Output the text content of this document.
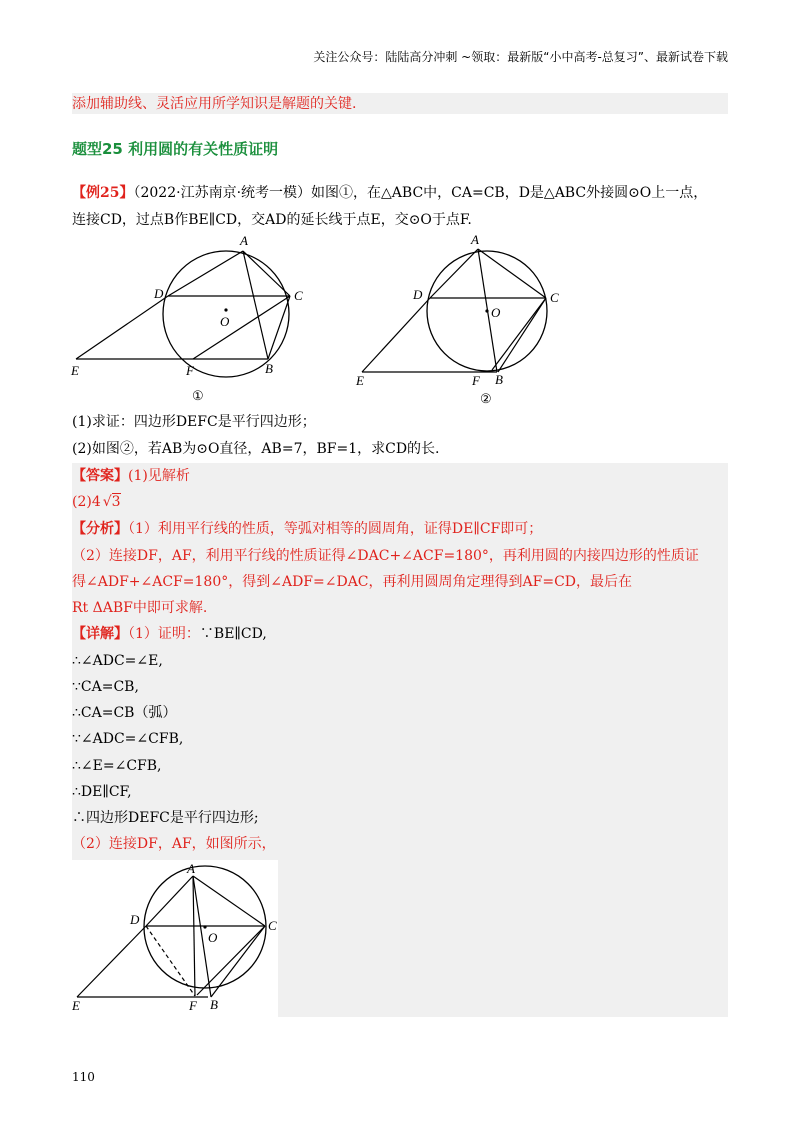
关注公众号：陆陆高分冲刺 ~领取：最新版“小中高考-总复习”、最新试卷下载
添加辅助线、灵活应用所学知识是解题的关键.
题型25 利用圆的有关性质证明
【例25】（2022·江苏南京·统考一模）如图①，在△ABC中，CA=CB，D是△ABC外接圆⊙O上一点，
连接CD，过点B作BE∥CD，交AD的延长线于点E，交⊙O于点F.
A
B
C
D
E	F
O
①
A
B
C
D
E	F
O
②
(1)求证：四边形DEFC是平行四边形；
(2)如图②，若AB为⊙O直径，AB=7，BF=1，求CD的长.
【答案】(1)见解析
(2)4 √3
【分析】（1）利用平行线的性质，等弧对相等的圆周角，证得DE∥CF即可；
（2）连接DF，AF，利用平行线的性质证得∠DAC+∠ACF=180°，再利用圆的内接四边形的性质证
得∠ADF+∠ACF=180°，得到∠ADF=∠DAC，再利用圆周角定理得到AF=CD，最后在
Rt ΔABF中即可求解.
【详解】（1）证明：∵BE∥CD,
∴∠ADC=∠E,
∵CA=CB,
∴CA=CB（弧）
∵∠ADC=∠CFB,
∴∠E=∠CFB,
∴DE∥CF,
∴四边形DEFC是平行四边形;
（2）连接DF，AF，如图所示，
A
B
C
D
E	F
O
110
